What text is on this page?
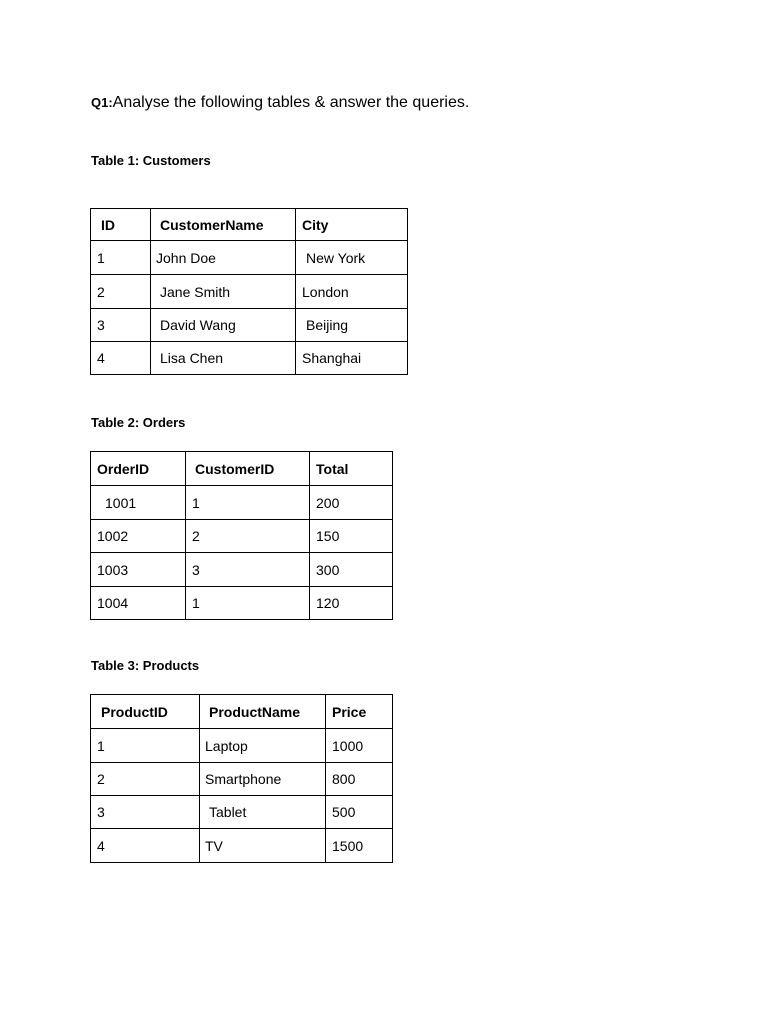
Q1:Analyse the following tables & answer the queries.
Table 1: Customers
ID	CustomerName	City
1	John Doe	New York
2	Jane Smith	London
3	David Wang	Beijing
4	Lisa Chen	Shanghai
Table 2: Orders
OrderID	CustomerID	Total
1001	1	200
1002	2	150
1003	3	300
1004	1	120
Table 3: Products
ProductID	ProductName	Price
1	Laptop	1000
2	Smartphone	800
3	Tablet	500
4	TV	1500
